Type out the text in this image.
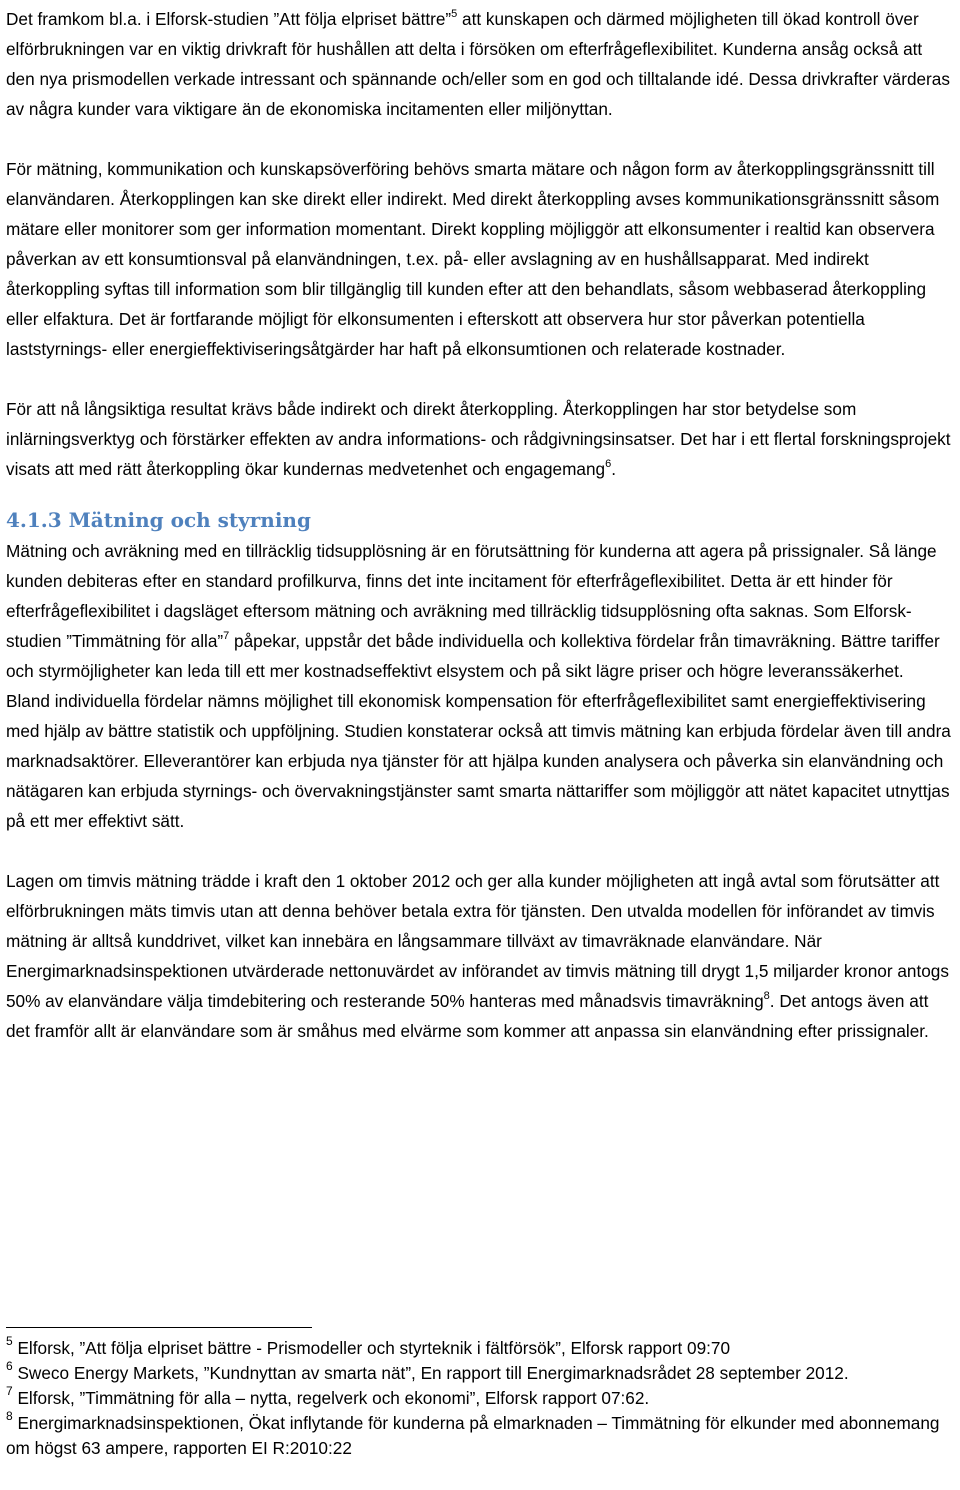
Det framkom bl.a. i Elforsk-studien ”Att följa elpriset bättre”$^5$ att kunskapen och därmed möjligheten till ökad kontroll över elförbrukningen var en viktig drivkraft för hushållen att delta i försöken om efterfrågeflexibilitet. Kunderna ansåg också att den nya prismodellen verkade intressant och spännande och/eller som en god och tilltalande idé. Dessa drivkrafter värderas av några kunder vara viktigare än de ekonomiska incitamenten eller miljönyttan.

För mätning, kommunikation och kunskapsöverföring behövs smarta mätare och någon form av återkopplingsgränssnitt till elanvändaren. Återkopplingen kan ske direkt eller indirekt. Med direkt återkoppling avses kommunikationsgränssnitt såsom mätare eller monitorer som ger information momentant. Direkt koppling möjliggör att elkonsumenter i realtid kan observera påverkan av ett konsumtionsval på elanvändningen, t.ex. på- eller avslagning av en hushållsapparat. Med indirekt återkoppling syftas till information som blir tillgänglig till kunden efter att den behandlats, såsom webbaserad återkoppling eller elfaktura. Det är fortfarande möjligt för elkonsumenten i efterskott att observera hur stor påverkan potentiella laststyrnings- eller energieffektiviseringsåtgärder har haft på elkonsumtionen och relaterade kostnader.

För att nå långsiktiga resultat krävs både indirekt och direkt återkoppling. Återkopplingen har stor betydelse som inlärningsverktyg och förstärker effekten av andra informations- och rådgivningsinsatser. Det har i ett flertal forskningsprojekt visats att med rätt återkoppling ökar kundernas medvetenhet och engagemang$^6$.

4.1.3 Mätning och styrning

Mätning och avräkning med en tillräcklig tidsupplösning är en förutsättning för kunderna att agera på prissignaler. Så länge kunden debiteras efter en standard profilkurva, finns det inte incitament för efterfrågeflexibilitet. Detta är ett hinder för efterfrågeflexibilitet i dagsläget eftersom mätning och avräkning med tillräcklig tidsupplösning ofta saknas. Som Elforsk-studien ”Timmätning för alla”$^7$ påpekar, uppstår det både individuella och kollektiva fördelar från timavräkning. Bättre tariffer och styrmöjligheter kan leda till ett mer kostnadseffektivt elsystem och på sikt lägre priser och högre leveranssäkerhet. Bland individuella fördelar nämns möjlighet till ekonomisk kompensation för efterfrågeflexibilitet samt energieffektivisering med hjälp av bättre statistik och uppföljning. Studien konstaterar också att timvis mätning kan erbjuda fördelar även till andra marknadsaktörer. Elleverantörer kan erbjuda nya tjänster för att hjälpa kunden analysera och påverka sin elanvändning och nätägaren kan erbjuda styrnings- och övervakningstjänster samt smarta nättariffer som möjliggör att nätet kapacitet utnyttjas på ett mer effektivt sätt.

Lagen om timvis mätning trädde i kraft den 1 oktober 2012 och ger alla kunder möjligheten att ingå avtal som förutsätter att elförbrukningen mäts timvis utan att denna behöver betala extra för tjänsten. Den utvalda modellen för införandet av timvis mätning är alltså kunddrivet, vilket kan innebära en långsammare tillväxt av timavräknade elanvändare. När Energimarknadsinspektionen utvärderade nettonuvärdet av införandet av timvis mätning till drygt 1,5 miljarder kronor antogs 50% av elanvändare välja timdebitering och resterande 50% hanteras med månadsvis timavräkning$^8$. Det antogs även att det framför allt är elanvändare som är småhus med elvärme som kommer att anpassa sin elanvändning efter prissignaler.

$^5$ Elforsk, ”Att följa elpriset bättre - Prismodeller och styrteknik i fältförsök”, Elforsk rapport 09:70

$^6$ Sweco Energy Markets, ”Kundnyttan av smarta nät”, En rapport till Energimarknadsrådet 28 september 2012.

$^7$ Elforsk, ”Timmätning för alla – nytta, regelverk och ekonomi”, Elforsk rapport 07:62.

$^8$ Energimarknadsinspektionen, Ökat inflytande för kunderna på elmarknaden – Timmätning för elkunder med abonnemang om högst 63 ampere, rapporten EI R:2010:22
